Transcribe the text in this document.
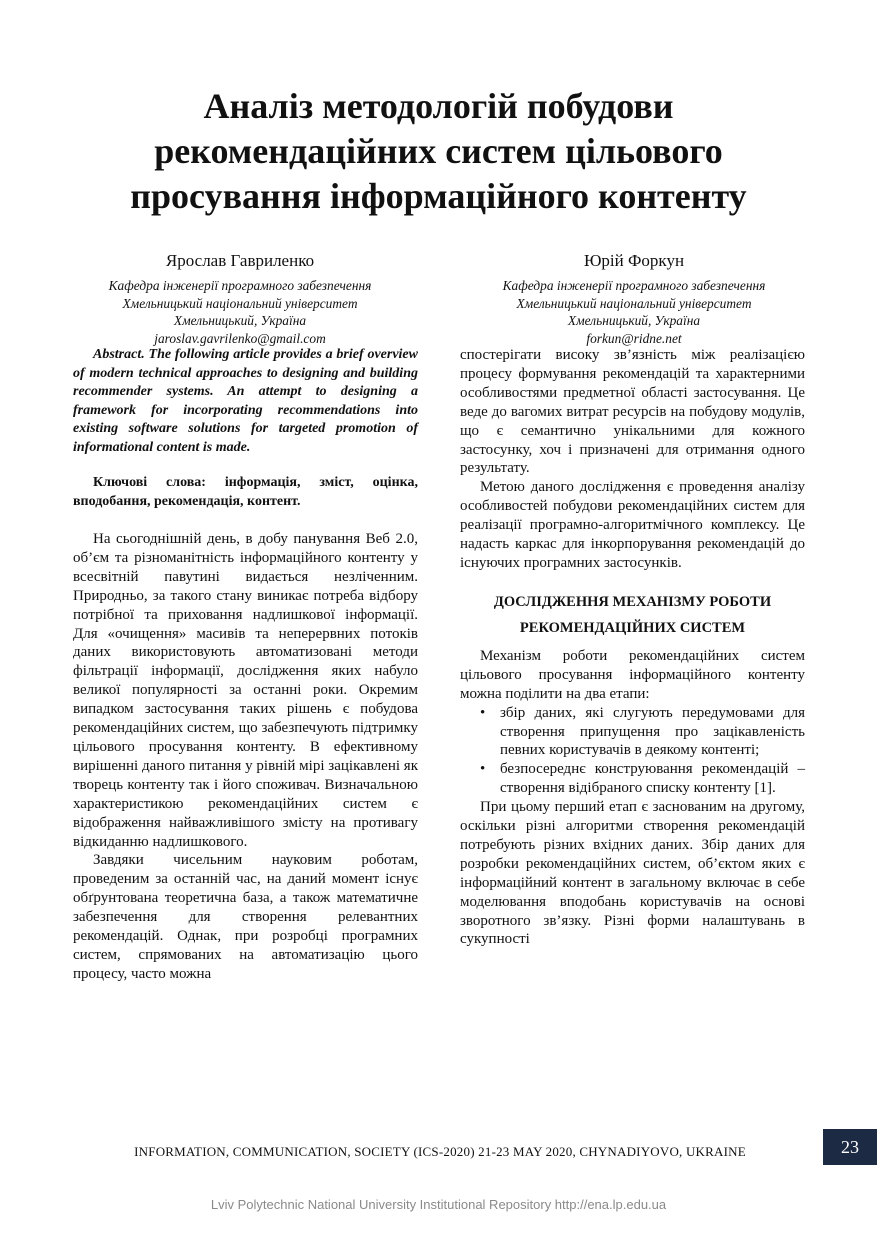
Аналіз методологій побудови рекомендаційних систем цільового просування інформаційного контенту
Ярослав Гавриленко
Кафедра інженерії програмного забезпечення
Хмельницький національний університет
Хмельницький, Україна
jaroslav.gavrilenko@gmail.com
Юрій Форкун
Кафедра інженерії програмного забезпечення
Хмельницький національний університет
Хмельницький, Україна
forkun@ridne.net

Abstract. The following article provides a brief overview of modern technical approaches to designing and building recommender systems. An attempt to designing a framework for incorporating recommendations into existing software solutions for targeted promotion of informational content is made.

Ключові слова: інформація, зміст, оцінка, вподобання, рекомендація, контент.

На сьогоднішній день, в добу панування Веб 2.0, об’єм та різноманітність інформаційного контенту у всесвітній павутині видається незліченним. Природньо, за такого стану виникає потреба відбору потрібної та приховання надлишкової інформації. Для «очищення» масивів та неперервних потоків даних використовують автоматизовані методи фільтрації інформації, дослідження яких набуло великої популярності за останні роки. Окремим випадком застосування таких рішень є побудова рекомендаційних систем, що забезпечують підтримку цільового просування контенту. В ефективному вирішенні даного питання у рівній мірі зацікавлені як творець контенту так і його споживач. Визначальною характеристикою рекомендаційних систем є відображення найважливішого змісту на противагу відкиданню надлишкового.

Завдяки чисельним науковим роботам, проведеним за останній час, на даний момент існує обґрунтована теоретична база, а також математичне забезпечення для створення релевантних рекомендацій. Однак, при розробці програмних систем, спрямованих на автоматизацію цього процесу, часто можна

спостерігати високу зв’язність між реалізацією процесу формування рекомендацій та характерними особливостями предметної області застосування. Це веде до вагомих витрат ресурсів на побудову модулів, що є семантично унікальними для кожного застосунку, хоч і призначені для отримання одного результату.

Метою даного дослідження є проведення аналізу особливостей побудови рекомендаційних систем для реалізації програмно-алгоритмічного комплексу. Це надасть каркас для інкорпорування рекомендацій до існуючих програмних застосунків.

ДОСЛІДЖЕННЯ МЕХАНІЗМУ РОБОТИ
РЕКОМЕНДАЦІЙНИХ СИСТЕМ

Механізм роботи рекомендаційних систем цільового просування інформаційного контенту можна поділити на два етапи:

• збір даних, які слугують передумовами для створення припущення про зацікавленість певних користувачів в деякому контенті;
• безпосереднє конструювання рекомендацій – створення відібраного списку контенту [1].

При цьому перший етап є заснованим на другому, оскільки різні алгоритми створення рекомендацій потребують різних вхідних даних. Збір даних для розробки рекомендаційних систем, об’єктом яких є інформаційний контент в загальному включає в себе моделювання вподобань користувачів на основі зворотного зв’язку. Різні форми налаштувань в сукупності

INFORMATION, COMMUNICATION, SOCIETY (ICS-2020) 21-23 MAY 2020, CHYNADIYOVO, UKRAINE	23
Lviv Polytechnic National University Institutional Repository http://ena.lp.edu.ua
